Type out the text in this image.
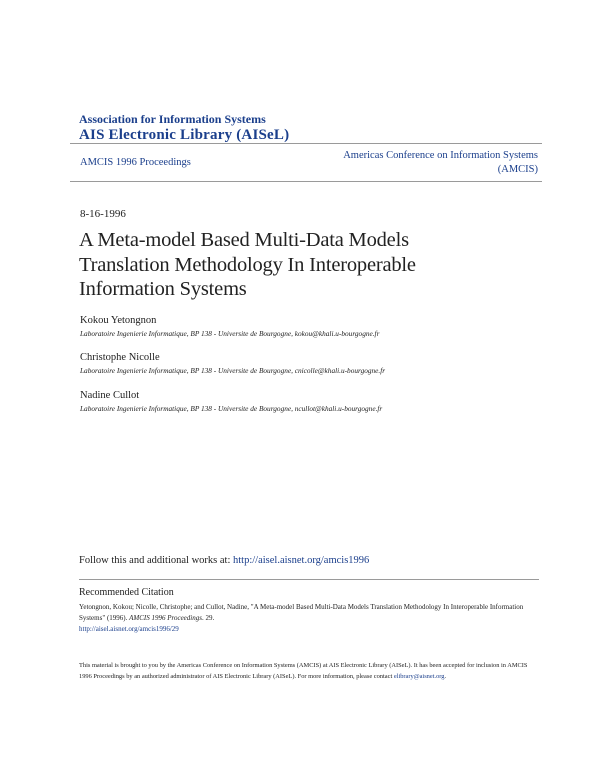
Association for Information Systems
AIS Electronic Library (AISeL)
AMCIS 1996 Proceedings
Americas Conference on Information Systems (AMCIS)
8-16-1996
A Meta-model Based Multi-Data Models Translation Methodology In Interoperable Information Systems
Kokou Yetongnon
Laboratoire Ingenierie Informatique, BP 138 - Universite de Bourgogne, kokou@khali.u-bourgogne.fr
Christophe Nicolle
Laboratoire Ingenierie Informatique, BP 138 - Universite de Bourgogne, cnicolle@khali.u-bourgogne.fr
Nadine Cullot
Laboratoire Ingenierie Informatique, BP 138 - Universite de Bourgogne, ncullot@khali.u-bourgogne.fr
Follow this and additional works at: http://aisel.aisnet.org/amcis1996
Recommended Citation
Yetongnon, Kokou; Nicolle, Christophe; and Cullot, Nadine, "A Meta-model Based Multi-Data Models Translation Methodology In Interoperable Information Systems" (1996). AMCIS 1996 Proceedings. 29.
http://aisel.aisnet.org/amcis1996/29
This material is brought to you by the Americas Conference on Information Systems (AMCIS) at AIS Electronic Library (AISeL). It has been accepted for inclusion in AMCIS 1996 Proceedings by an authorized administrator of AIS Electronic Library (AISeL). For more information, please contact elibrary@aisnet.org.
